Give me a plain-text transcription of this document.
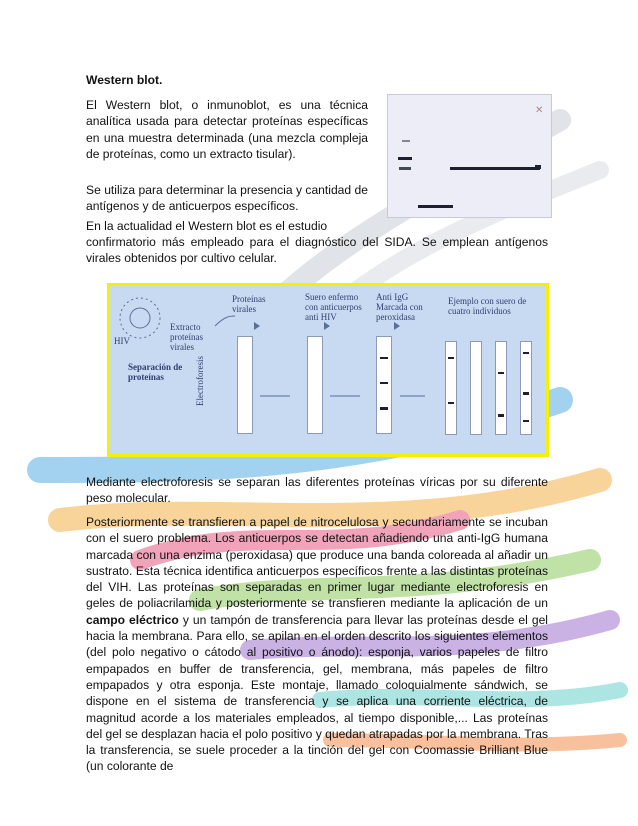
Western blot.
El Western blot, o inmunoblot, es una técnica analítica usada para detectar proteínas específicas en una muestra determinada (una mezcla compleja de proteínas, como un extracto tisular).
Se utiliza para determinar la presencia y cantidad de antígenos y de anticuerpos específicos.
En la actualidad el Western blot es el estudio
confirmatorio más empleado para el diagnóstico del SIDA. Se emplean antígenos virales obtenidos por cultivo celular.
✕
HIV
Extracto proteínas virales
Separación de proteínas	Electroforesis
Proteínas virales
Suero enfermo con anticuerpos anti HIV
Anti IgG Marcada con peroxidasa
Ejemplo con suero de cuatro individuos
Mediante electroforesis se separan las diferentes proteínas víricas por su diferente peso molecular.
Posteriormente se transfieren a papel de nitrocelulosa y secundariamente se incuban con el suero problema. Los anticuerpos se detectan añadiendo una anti-IgG humana marcada con una enzima (peroxidasa) que produce una banda coloreada al añadir un sustrato. Esta técnica identifica anticuerpos específicos frente a las distintas proteínas del VIH. Las proteínas son separadas en primer lugar mediante electroforesis en geles de poliacrilamida y posteriormente se transfieren mediante la aplicación de un campo eléctrico y un tampón de transferencia para llevar las proteínas desde el gel hacia la membrana. Para ello, se apilan en el orden descrito los siguientes elementos (del polo negativo o cátodo al positivo o ánodo): esponja, varios papeles de filtro empapados en buffer de transferencia, gel, membrana, más papeles de filtro empapados y otra esponja. Este montaje, llamado coloquialmente sándwich, se dispone en el sistema de transferencia y se aplica una corriente eléctrica, de magnitud acorde a los materiales empleados, al tiempo disponible,... Las proteínas del gel se desplazan hacia el polo positivo y quedan atrapadas por la membrana. Tras la transferencia, se suele proceder a la tinción del gel con Coomassie Brilliant Blue (un colorante de
